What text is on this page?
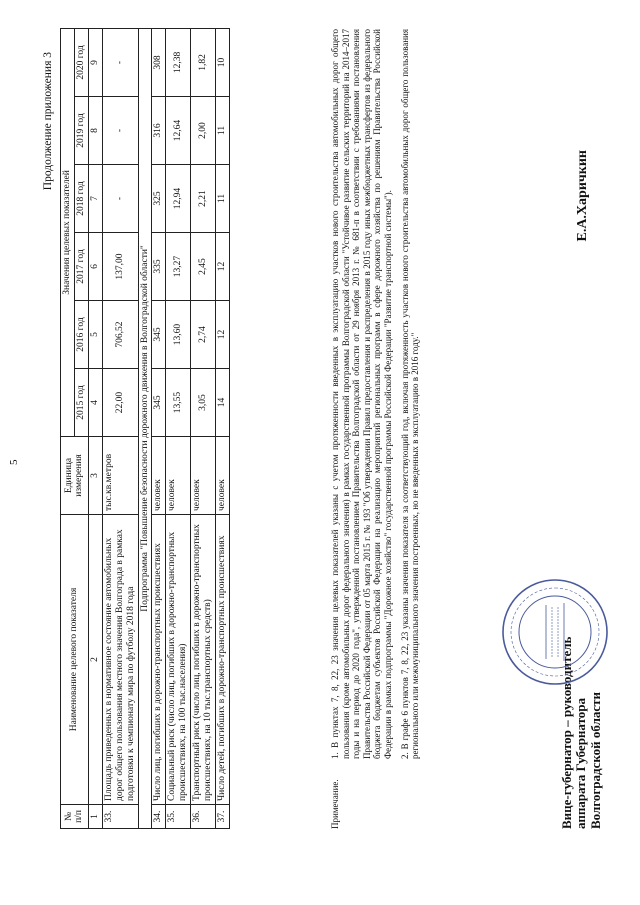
5
Продолжение приложения 3
№ п/п	Наименование целевого показателя	Единица измерения	Значения целевых показателей					
			2015 год	2016 год	2017 год	2018 год	2019 год	2020 год
1	2	3	4	5	6	7	8	9
33.	Площадь приведенных в нормативное состояние автомобильных дорог общего пользования местного значения Волгограда в рамках подготовки к чемпионату мира по футболу 2018 года	тыс.кв.метров	22,00	706,52	137,00	-	-	-
Подпрограмма "Повышение безопасности дорожного движения в Волгоградской области"								
34.	Число лиц, погибших в дорожно-транспортных происшествиях	человек	345	345	335	325	316	308
35.	Социальный риск (число лиц, погибших в дорожно-транспортных происшествиях, на 100 тыс.населения)	человек	13,55	13,60	13,27	12,94	12,64	12,38
36.	Транспортный риск (число лиц, погибших в дорожно-транспортных происшествиях, на 10 тыс.транспортных средств)	человек	3,05	2,74	2,45	2,21	2,00	1,82
37.	Число детей, погибших в дорожно-транспортных происшествиях	человек	14	12	12	11	11	10
Примечание.

1. В пунктах 7, 8, 22, 23 значения целевых показателей указаны с учетом протяженности введенных в эксплуатацию участков нового строительства автомобильных дорог общего пользования (кроме автомобильных дорог федерального значения) в рамках государственной программы Волгоградской области "Устойчивое развитие сельских территорий на 2014–2017 годы и на период до 2020 года", утвержденной постановлением Правительства Волгоградской области от 29 ноября 2013 г. № 681-п в соответствии с требованиями постановления Правительства Российской Федерации от 05 марта 2015 г. № 193 "Об утверждении Правил предоставления и распределения в 2015 году иных межбюджетных трансфертов из федерального бюджета бюджетам субъектов Российской Федерации на реализацию мероприятий региональных программ в сфере дорожного хозяйства по решениям Правительства Российской Федерации в рамках подпрограммы "Дорожное хозяйство" государственной программы Российской Федерации "Развитие транспортной системы"). 2. В графе 6 пунктов 7, 8, 22, 23 указаны значения показателя за соответствующий год, включая протяженность участков нового строительства автомобильных дорог общего пользования регионального или межмуниципального значения построенных, но не введенных в эксплуатацию в 2016 году."	Вице-губернатор – руководитель аппарата Губернатора Волгоградской области
Е.А.Харичкин
